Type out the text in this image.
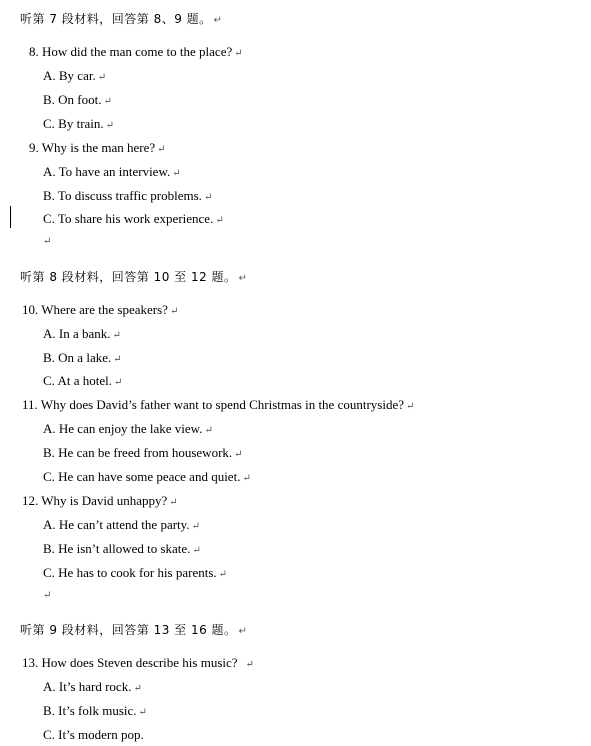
听第 7 段材料，回答第 8、9 题。 ↵
8. How did the man come to the place? ↵
A. By car. ↵
B. On foot. ↵
C. By train. ↵
9. Why is the man here? ↵
A. To have an interview. ↵
B. To discuss traffic problems. ↵
C. To share his work experience. ↵
↵
听第 8 段材料，回答第 10 至 12 题。 ↵
10. Where are the speakers? ↵
A. In a bank. ↵
B. On a lake. ↵
C. At a hotel. ↵
11. Why does David’s father want to spend Christmas in the countryside? ↵
A. He can enjoy the lake view. ↵
B. He can be freed from housework. ↵
C. He can have some peace and quiet. ↵
12. Why is David unhappy? ↵
A. He can’t attend the party. ↵
B. He isn’t allowed to skate. ↵
C. He has to cook for his parents. ↵
↵
听第 9 段材料，回答第 13 至 16 题。 ↵
13. How does Steven describe his music? ↵
A. It’s hard rock. ↵
B. It’s folk music. ↵
C. It’s modern pop.
